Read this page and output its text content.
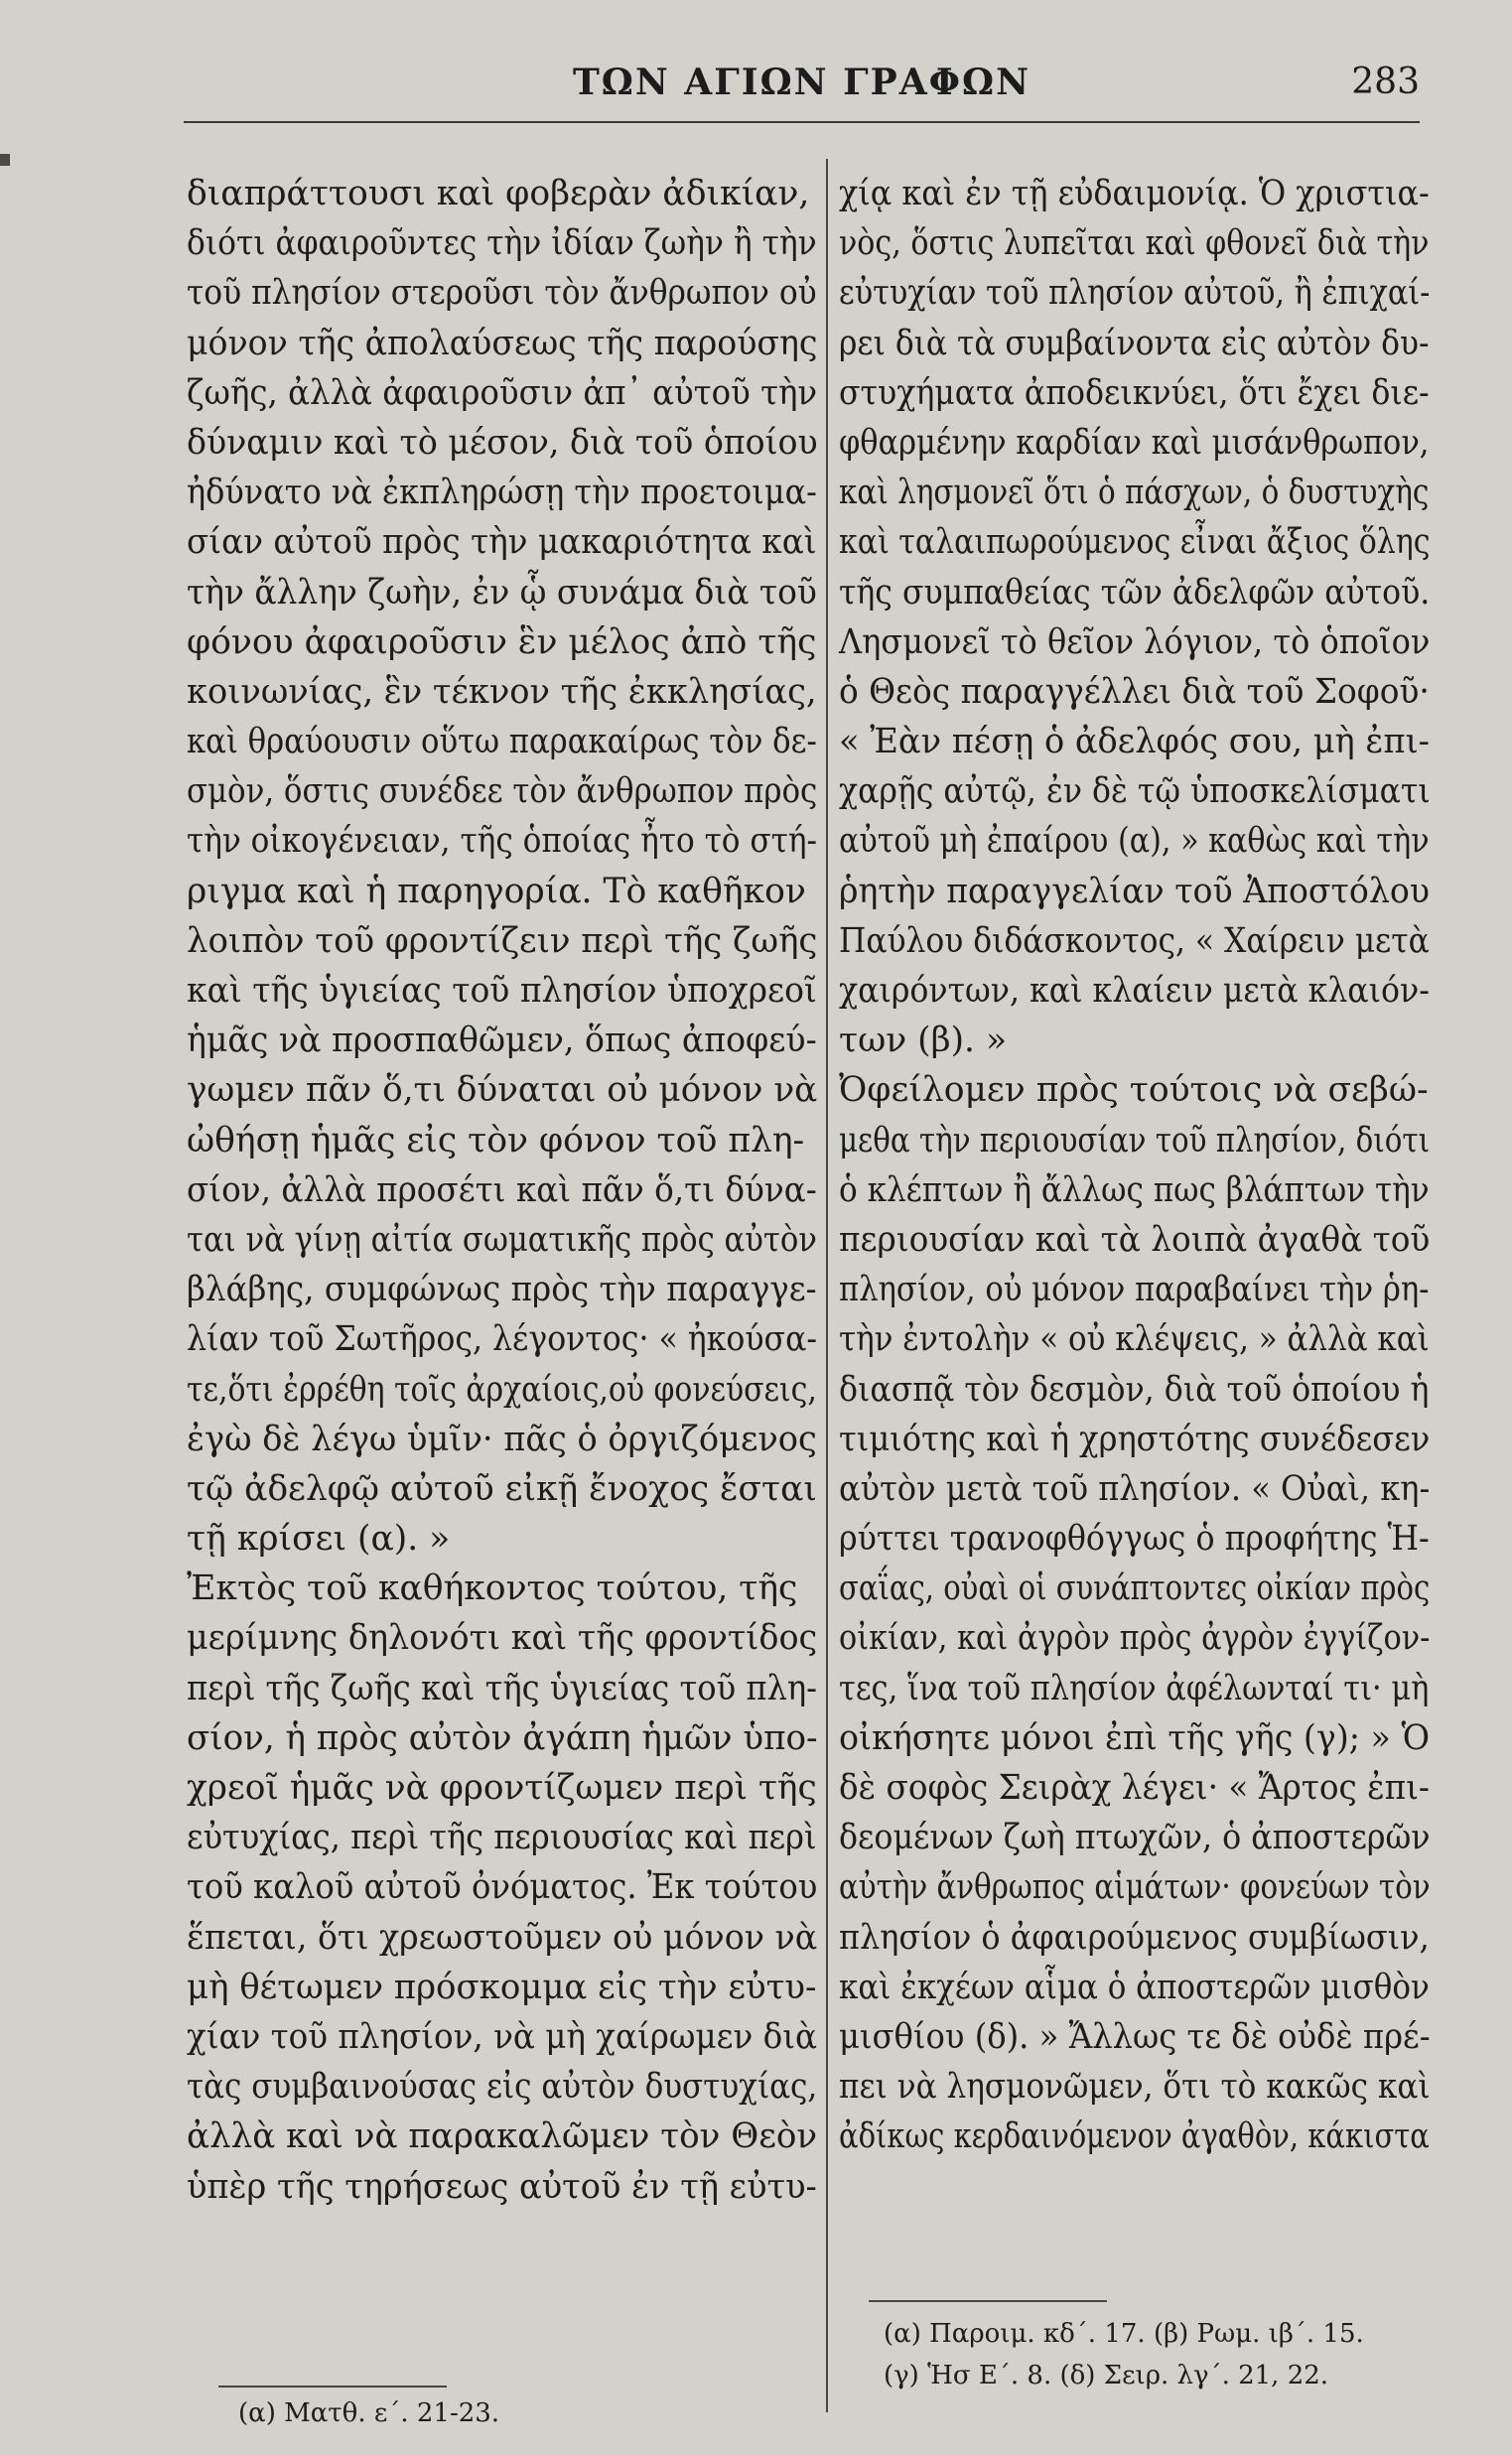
ΤΩΝ ΑΓΙΩΝ ΓΡΑΦΩΝ	283
διαπράττουσι καὶ φοβερὰν ἀδικίαν,
διότι ἀφαιροῦντες τὴν ἰδίαν ζωὴν ἢ τὴν
τοῦ πλησίον στεροῦσι τὸν ἄνθρωπον οὐ
μόνον τῆς ἀπολαύσεως τῆς παρούσης
ζωῆς, ἀλλὰ ἀφαιροῦσιν ἀπ᾽ αὐτοῦ τὴν
δύναμιν καὶ τὸ μέσον, διὰ τοῦ ὁποίου
ἠδύνατο νὰ ἐκπληρώσῃ τὴν προετοιμα-
σίαν αὐτοῦ πρὸς τὴν μακαριότητα καὶ
τὴν ἄλλην ζωὴν, ἐν ᾧ συνάμα διὰ τοῦ
φόνου ἀφαιροῦσιν ἓν μέλος ἀπὸ τῆς
κοινωνίας, ἓν τέκνον τῆς ἐκκλησίας,
καὶ θραύουσιν οὕτω παρακαίρως τὸν δε-
σμὸν, ὅστις συνέδεε τὸν ἄνθρωπον πρὸς
τὴν οἰκογένειαν, τῆς ὁποίας ἦτο τὸ στή-
ριγμα καὶ ἡ παρηγορία. Τὸ καθῆκον
λοιπὸν τοῦ φροντίζειν περὶ τῆς ζωῆς
καὶ τῆς ὑγιείας τοῦ πλησίον ὑποχρεοῖ
ἡμᾶς νὰ προσπαθῶμεν, ὅπως ἀποφεύ-
γωμεν πᾶν ὅ,τι δύναται οὐ μόνον νὰ
ὠθήσῃ ἡμᾶς εἰς τὸν φόνον τοῦ πλη-
σίον, ἀλλὰ προσέτι καὶ πᾶν ὅ,τι δύνα-
ται νὰ γίνῃ αἰτία σωματικῆς πρὸς αὐτὸν
βλάβης, συμφώνως πρὸς τὴν παραγγε-
λίαν τοῦ Σωτῆρος, λέγοντος· « ἠκούσα-
τε,ὅτι ἐρρέθη τοῖς ἀρχαίοις,οὐ φονεύσεις,
ἐγὼ δὲ λέγω ὑμῖν· πᾶς ὁ ὀργιζόμενος
τῷ ἀδελφῷ αὐτοῦ εἰκῇ ἔνοχος ἔσται
τῇ κρίσει (α). »
Ἐκτὸς τοῦ καθήκοντος τούτου, τῆς
μερίμνης δηλονότι καὶ τῆς φροντίδος
περὶ τῆς ζωῆς καὶ τῆς ὑγιείας τοῦ πλη-
σίον, ἡ πρὸς αὐτὸν ἀγάπη ἡμῶν ὑπο-
χρεοῖ ἡμᾶς νὰ φροντίζωμεν περὶ τῆς
εὐτυχίας, περὶ τῆς περιουσίας καὶ περὶ
τοῦ καλοῦ αὐτοῦ ὀνόματος. Ἐκ τούτου
ἕπεται, ὅτι χρεωστοῦμεν οὐ μόνον νὰ
μὴ θέτωμεν πρόσκομμα εἰς τὴν εὐτυ-
χίαν τοῦ πλησίον, νὰ μὴ χαίρωμεν διὰ
τὰς συμβαινούσας εἰς αὐτὸν δυστυχίας,
ἀλλὰ καὶ νὰ παρακαλῶμεν τὸν Θεὸν
ὑπὲρ τῆς τηρήσεως αὐτοῦ ἐν τῇ εὐτυ-
χίᾳ καὶ ἐν τῇ εὐδαιμονίᾳ. Ὁ χριστια-
νὸς, ὅστις λυπεῖται καὶ φθονεῖ διὰ τὴν
εὐτυχίαν τοῦ πλησίον αὐτοῦ, ἢ ἐπιχαί-
ρει διὰ τὰ συμβαίνοντα εἰς αὐτὸν δυ-
στυχήματα ἀποδεικνύει, ὅτι ἔχει διε-
φθαρμένην καρδίαν καὶ μισάνθρωπον,
καὶ λησμονεῖ ὅτι ὁ πάσχων, ὁ δυστυχὴς
καὶ ταλαιπωρούμενος εἶναι ἄξιος ὅλης
τῆς συμπαθείας τῶν ἀδελφῶν αὐτοῦ.
Λησμονεῖ τὸ θεῖον λόγιον, τὸ ὁποῖον
ὁ Θεὸς παραγγέλλει διὰ τοῦ Σοφοῦ·
« Ἐὰν πέσῃ ὁ ἀδελφός σου, μὴ ἐπι-
χαρῇς αὐτῷ, ἐν δὲ τῷ ὑποσκελίσματι
αὐτοῦ μὴ ἐπαίρου (α), » καθὼς καὶ τὴν
ῥητὴν παραγγελίαν τοῦ Ἀποστόλου
Παύλου διδάσκοντος, « Χαίρειν μετὰ
χαιρόντων, καὶ κλαίειν μετὰ κλαιόν-
των (β). »
Ὀφείλομεν πρὸς τούτοις νὰ σεβώ-
μεθα τὴν περιουσίαν τοῦ πλησίον, διότι
ὁ κλέπτων ἢ ἄλλως πως βλάπτων τὴν
περιουσίαν καὶ τὰ λοιπὰ ἀγαθὰ τοῦ
πλησίον, οὐ μόνον παραβαίνει τὴν ῥη-
τὴν ἐντολὴν « οὐ κλέψεις, » ἀλλὰ καὶ
διασπᾷ τὸν δεσμὸν, διὰ τοῦ ὁποίου ἡ
τιμιότης καὶ ἡ χρηστότης συνέδεσεν
αὐτὸν μετὰ τοῦ πλησίον. « Οὐαὶ, κη-
ρύττει τρανοφθόγγως ὁ προφήτης Ἡ-
σαΐας, οὐαὶ οἱ συνάπτοντες οἰκίαν πρὸς
οἰκίαν, καὶ ἀγρὸν πρὸς ἀγρὸν ἐγγίζον-
τες, ἵνα τοῦ πλησίον ἀφέλωνταί τι· μὴ
οἰκήσητε μόνοι ἐπὶ τῆς γῆς (γ); » Ὁ
δὲ σοφὸς Σειρὰχ λέγει· « Ἄρτος ἐπι-
δεομένων ζωὴ πτωχῶν, ὁ ἀποστερῶν
αὐτὴν ἄνθρωπος αἱμάτων· φονεύων τὸν
πλησίον ὁ ἀφαιρούμενος συμβίωσιν,
καὶ ἐκχέων αἷμα ὁ ἀποστερῶν μισθὸν
μισθίου (δ). » Ἄλλως τε δὲ οὐδὲ πρέ-
πει νὰ λησμονῶμεν, ὅτι τὸ κακῶς καὶ
ἀδίκως κερδαινόμενον ἀγαθὸν, κάκιστα
(α) Ματθ. ε΄. 21-23.
(α) Παροιμ. κδ΄. 17. (β) Ρωμ. ιβ΄. 15.
(γ) Ἡσ Ε΄. 8. (δ) Σειρ. λγ΄. 21, 22.
